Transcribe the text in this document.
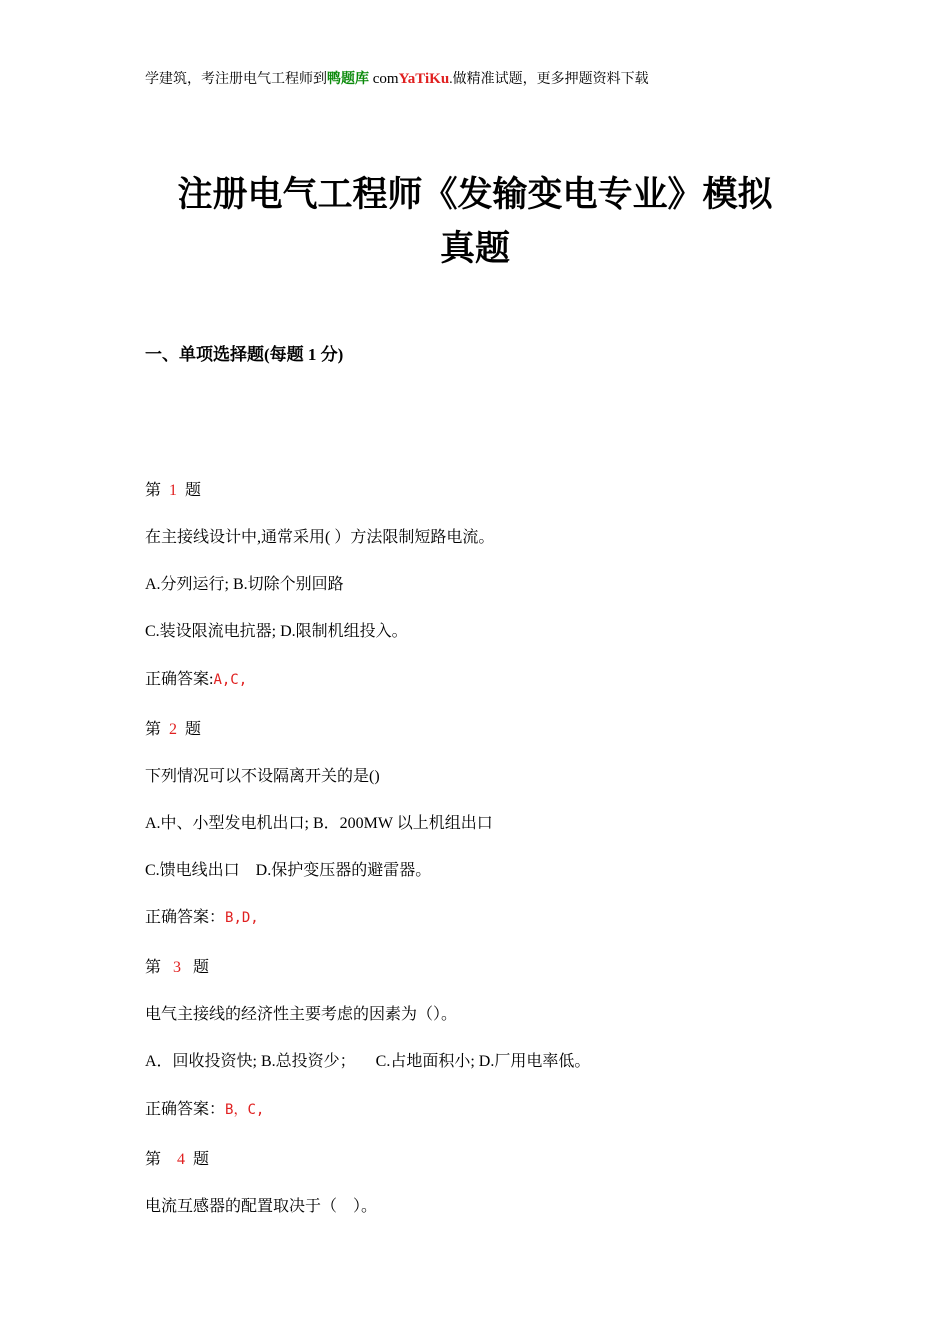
学建筑，考注册电气工程师到鸭题库 comYaTiKu.做精准试题，更多押题资料下载
注册电气工程师《发输变电专业》模拟
真题
一、单项选择题(每题 1 分)
第  1  题
在主接线设计中,通常采用( ）方法限制短路电流。
A.分列运行; B.切除个别回路
C.装设限流电抗器; D.限制机组投入。
正确答案:A,C,
第  2  题
下列情况可以不设隔离开关的是()
A.中、小型发电机出口; B．200MW 以上机组出口
C.馈电线出口    D.保护变压器的避雷器。
正确答案：B,D,
第   3   题
电气主接线的经济性主要考虑的因素为（）。
A．回收投资快; B.总投资少；     C.占地面积小; D.厂用电率低。
正确答案：B，C,
第    4  题
电流互感器的配置取决于（    ）。
